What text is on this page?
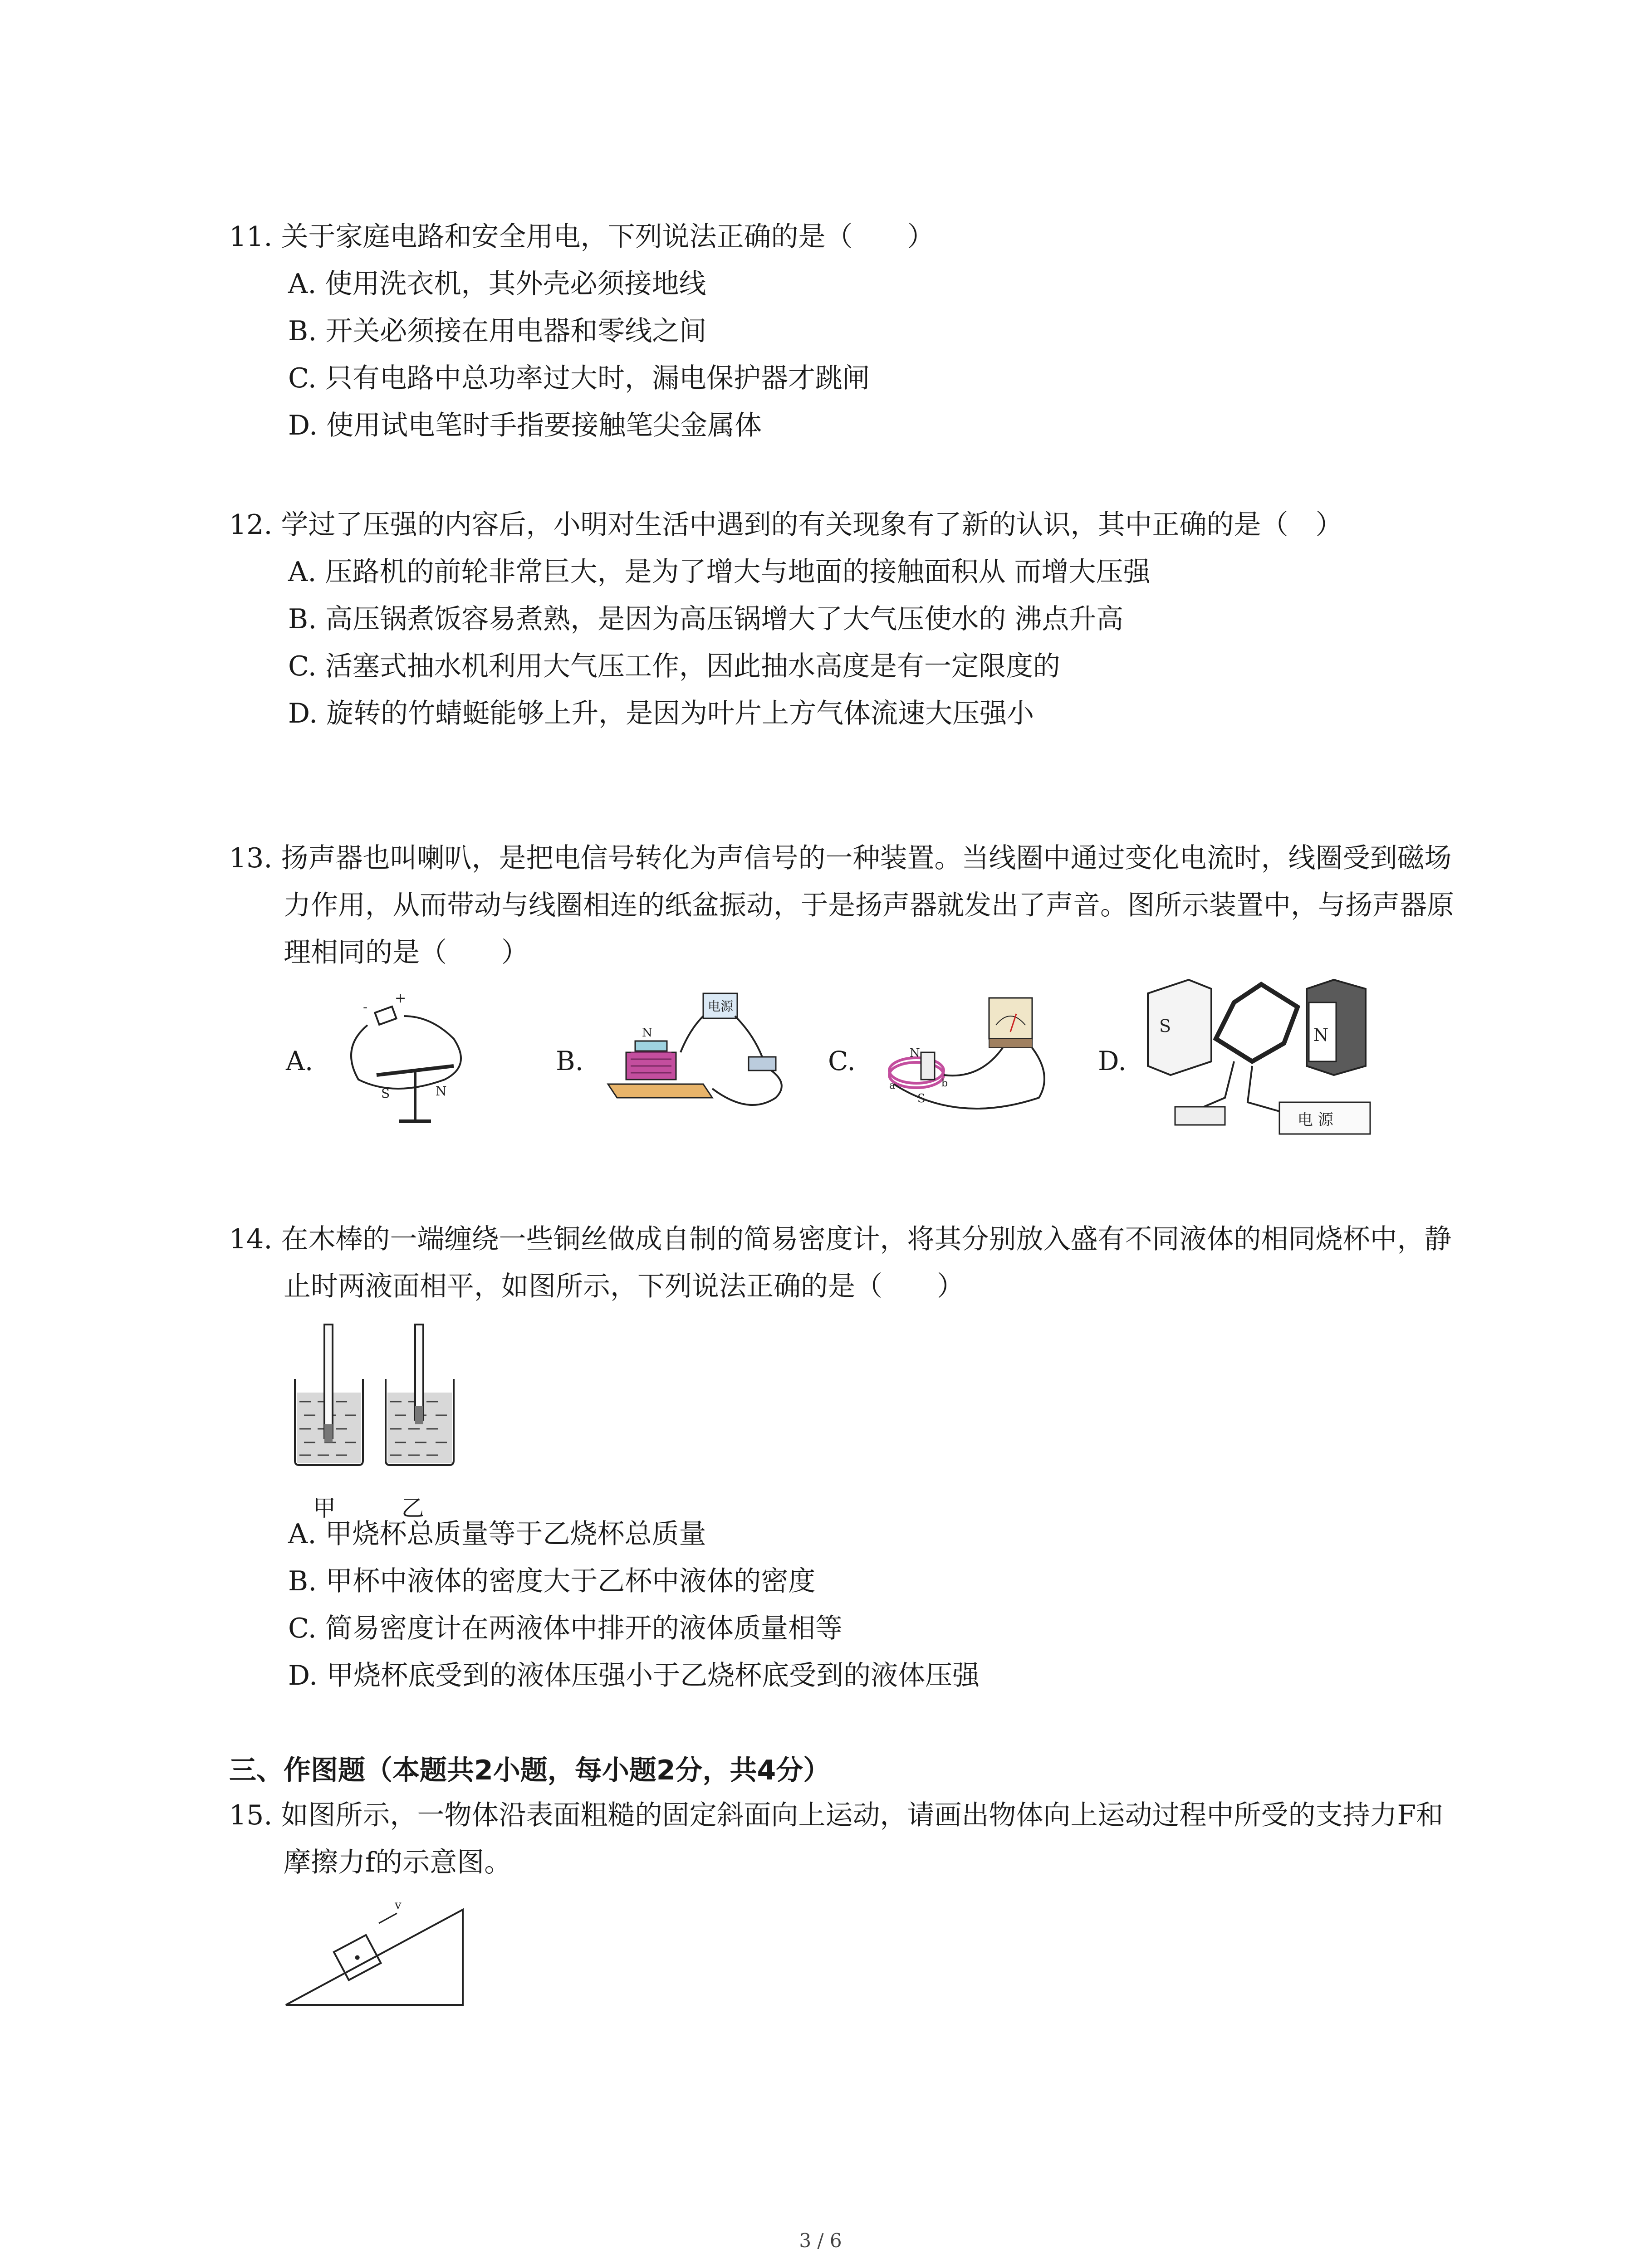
11. 关于家庭电路和安全用电，下列说法正确的是（　　）
A. 使用洗衣机，其外壳必须接地线
B. 开关必须接在用电器和零线之间
C. 只有电路中总功率过大时，漏电保护器才跳闸
D. 使用试电笔时手指要接触笔尖金属体
12. 学过了压强的内容后，小明对生活中遇到的有关现象有了新的认识，其中正确的是（　）
A. 压路机的前轮非常巨大，是为了增大与地面的接触面积从 而增大压强
B. 高压锅煮饭容易煮熟，是因为高压锅增大了大气压使水的 沸点升高
C. 活塞式抽水机利用大气压工作，因此抽水高度是有一定限度的
D. 旋转的竹蜻蜓能够上升，是因为叶片上方气体流速大压强小
13. 扬声器也叫喇叭，是把电信号转化为声信号的一种装置。当线圈中通过变化电流时，线圈受到磁场力作用，从而带动与线圈相连的纸盆振动，于是扬声器就发出了声音。图所示装置中，与扬声器原理相同的是（　　）
A.	B.	C.	D.
-
+
S	N
电源
N
N
S
a	b
S	N
电 源
14. 在木棒的一端缠绕一些铜丝做成自制的简易密度计，将其分别放入盛有不同液体的相同烧杯中，静止时两液面相平，如图所示，下列说法正确的是（　　）
甲	乙
A. 甲烧杯总质量等于乙烧杯总质量
B. 甲杯中液体的密度大于乙杯中液体的密度
C. 简易密度计在两液体中排开的液体质量相等
D. 甲烧杯底受到的液体压强小于乙烧杯底受到的液体压强
三、作图题（本题共2小题，每小题2分，共4分）
15. 如图所示，一物体沿表面粗糙的固定斜面向上运动，请画出物体向上运动过程中所受的支持力F和摩擦力f的示意图。
v
3 / 6
